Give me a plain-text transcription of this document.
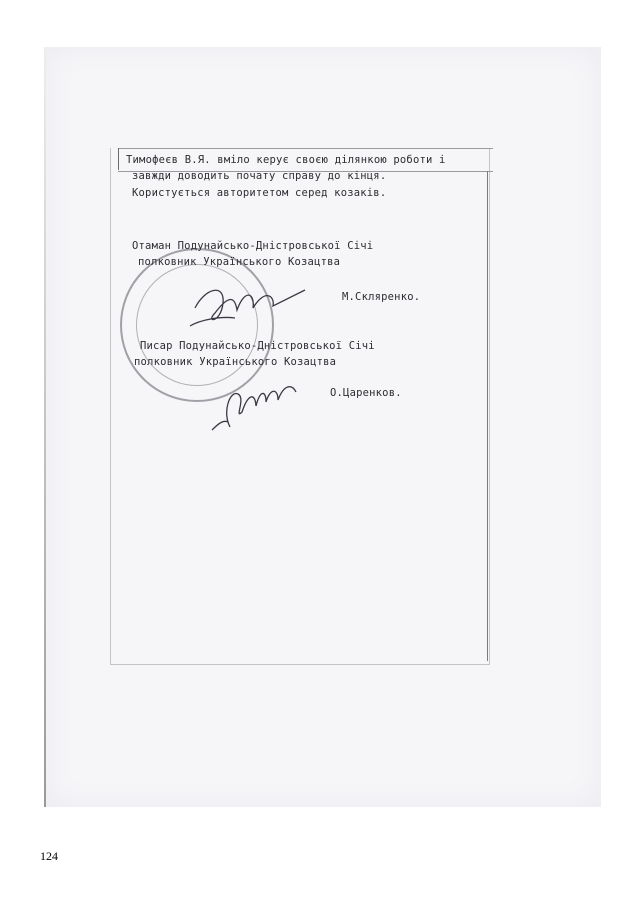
Тимофеєв В.Я. вміло керує своєю ділянкою роботи і
завжди доводить почату справу до кінця.
Користується авторитетом серед козаків.
Отаман Подунайсько-Дністровської Січі
полковник Українського Козацтва
М.Скляренко.
Писар Подунайсько-Дністровської Січі
полковник Українського Козацтва
О.Царенков.
124
